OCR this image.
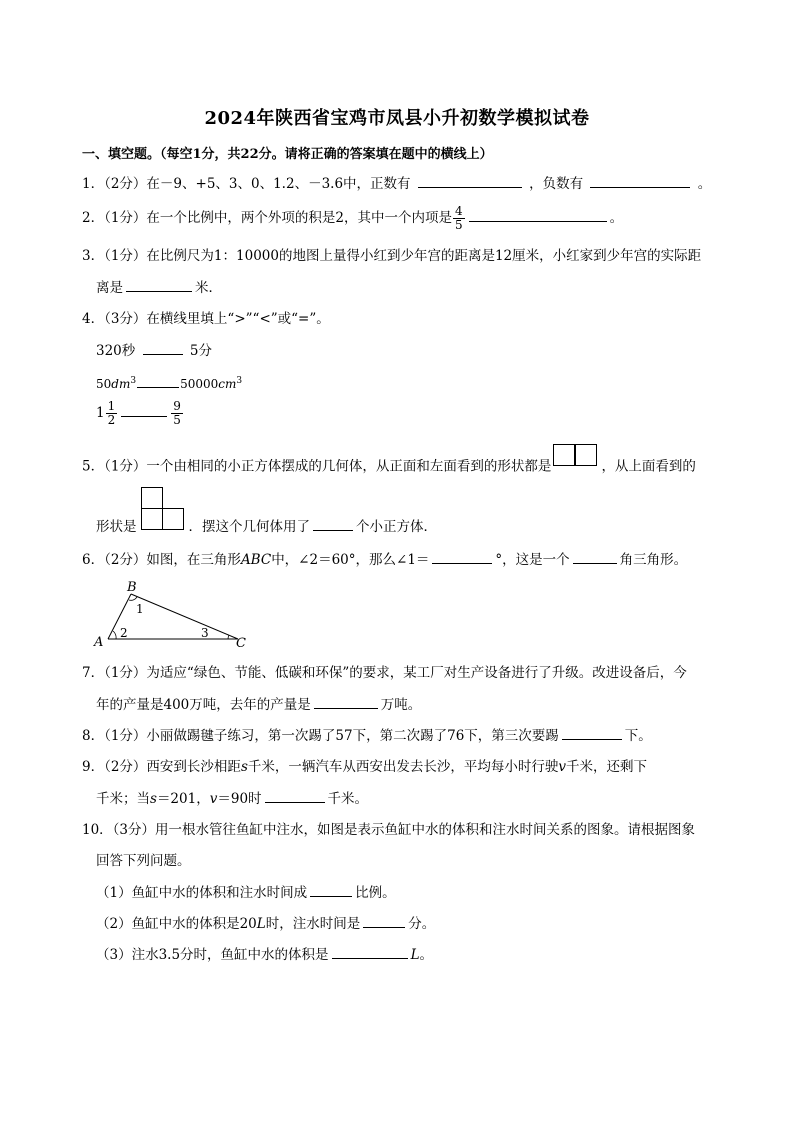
2024年陕西省宝鸡市凤县小升初数学模拟试卷
一、填空题。（每空1分，共22分。请将正确的答案填在题中的横线上）
1．（2分）在－9、+5、3、0、1.2、－3.6中，正数有	，负数有	。
2．（1分）在一个比例中，两个外项的积是2，其中一个内项是 $\frac{4}{5}$	。
3．（1分）在比例尺为1：10000的地图上量得小红到少年宫的距离是12厘米，小红家到少年宫的实际距
离是	米．
4．（3分）在横线里填上“>”“<”或“=”。
320秒	5分
$50dm^3$	$50000cm^3$
$1 \frac{1}{2}$	$\frac{9}{5}$
5．（1分）一个由相同的小正方体摆成的几何体，从正面和左面看到的形状都是	，从上面看到的
形状是	．摆这个几何体用了	个小正方体．
6．（2分）如图，在三角形ABC中，∠2＝60°，那么∠1＝	°，这是一个	角三角形。
B
A	C
1
2	3
7．（1分）为适应“绿色、节能、低碳和环保”的要求，某工厂对生产设备进行了升级。改进设备后，今
年的产量是400万吨，去年的产量是	万吨。
8．（1分）小丽做踢毽子练习，第一次踢了57下，第二次踢了76下，第三次要踢	下。
9．（2分）西安到长沙相距s千米，一辆汽车从西安出发去长沙，平均每小时行驶v千米，还剩下
千米；当s＝201，v＝90时	千米。
10．（3分）用一根水管往鱼缸中注水，如图是表示鱼缸中水的体积和注水时间关系的图象。请根据图象
回答下列问题。
（1）鱼缸中水的体积和注水时间成	比例。
（2）鱼缸中水的体积是20L时，注水时间是	分。
（3）注水3.5分时，鱼缸中水的体积是	L。
